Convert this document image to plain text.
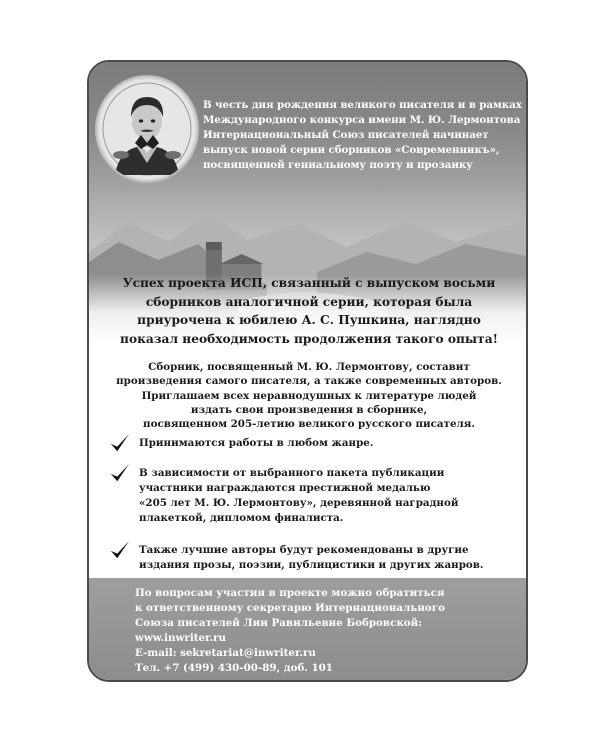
В честь дня рождения великого писателя и в рамках
Международного конкурса имени М. Ю. Лермонтова
Интернациональный Союз писателей начинает
выпуск новой серии сборников «Современникъ»,
посвященной гениальному поэту и прозаику
Успех проекта ИСП, связанный с выпуском восьми
сборников аналогичной серии, которая была
приурочена к юбилею А. С. Пушкина, наглядно
показал необходимость продолжения такого опыта!
Сборник, посвященный М. Ю. Лермонтову, составит
произведения самого писателя, а также современных авторов.
Приглашаем всех неравнодушных к литературе людей
издать свои произведения в сборнике,
посвященном 205-летию великого русского писателя.
Принимаются работы в любом жанре.
В зависимости от выбранного пакета публикации
участники награждаются престижной медалью
«205 лет М. Ю. Лермонтову», деревянной наградной
плакеткой, дипломом финалиста.
Также лучшие авторы будут рекомендованы в другие
издания прозы, поэзии, публицистики и других жанров.
По вопросам участия в проекте можно обратиться
к ответственному секретарю Интернационального
Союза писателей Лии Равильевне Бобровской:
www.inwriter.ru
E-mail: sekretariat@inwriter.ru
Тел. +7 (499) 430-00-89, доб. 101
